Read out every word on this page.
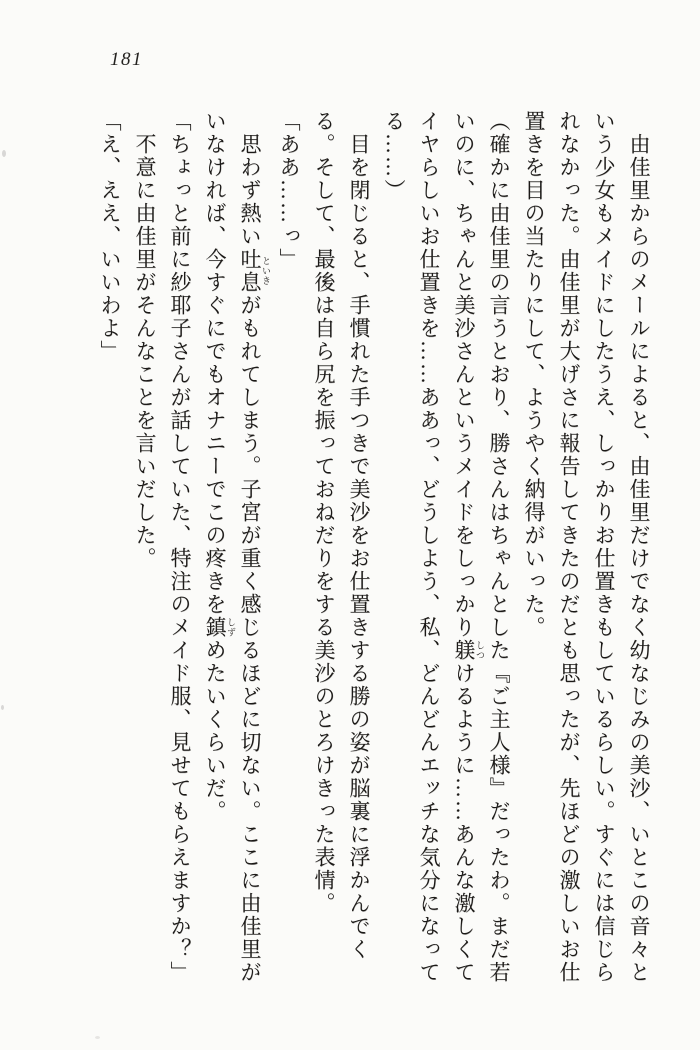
181

由佳里からのメールによると、由佳里だけでなく幼なじみの美沙、いとこの音々という少女もメイドにしたうえ、しっかりお仕置きもしているらしい。すぐには信じられなかった。由佳里が大げさに報告してきたのだとも思ったが、先ほどの激しいお仕置きを目の当たりにして、ようやく納得がいった。

（確かに由佳里の言うとおり、勝さんはちゃんとした『ご主人様』だったわ。まだ若いのに、ちゃんと美沙さんというメイドをしっかり躾 しつけるように……あんな激しくてイヤらしいお仕置きを……ああっ、どうしよう、私、どんどんエッチな気分になってる……）

目を閉じると、手慣れた手つきで美沙をお仕置きする勝の姿が脳裏に浮かんでくる。そして、最後は自ら尻を振っておねだりをする美沙のとろけきった表情。

「ああ……っ」

思わず熱い吐息 といきがもれてしまう。子宮が重く感じるほどに切ない。ここに由佳里がいなければ、今すぐにでもオナニーでこの疼きを鎮 しずめたいくらいだ。

「ちょっと前に紗耶子さんが話していた、特注のメイド服、見せてもらえますか？」

不意に由佳里がそんなことを言いだした。

「え、ええ、いいわよ」
